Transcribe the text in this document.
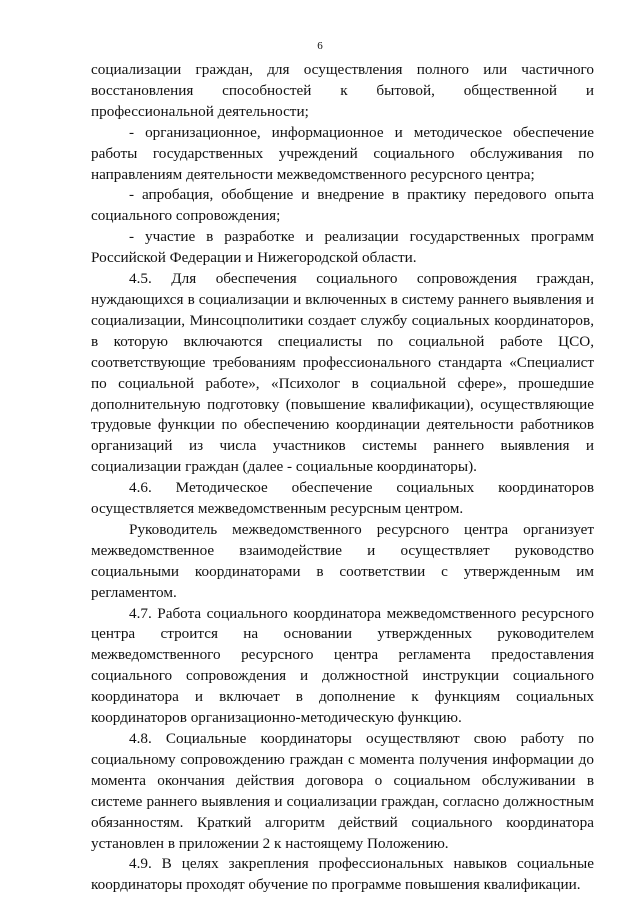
6

социализации граждан, для осуществления полного или частичного восстановления способностей к бытовой, общественной и профессиональной деятельности;

- организационное, информационное и методическое обеспечение работы государственных учреждений социального обслуживания по направлениям деятельности межведомственного ресурсного центра;

- апробация, обобщение и внедрение в практику передового опыта социального сопровождения;

- участие в разработке и реализации государственных программ Российской Федерации и Нижегородской области.

4.5. Для обеспечения социального сопровождения граждан, нуждающихся в социализации и включенных в систему раннего выявления и социализации, Минсоцполитики создает службу социальных координаторов, в которую включаются специалисты по социальной работе ЦСО, соответствующие требованиям профессионального стандарта «Специалист по социальной работе», «Психолог в социальной сфере», прошедшие дополнительную подготовку (повышение квалификации), осуществляющие трудовые функции по обеспечению координации деятельности работников организаций из числа участников системы раннего выявления и социализации граждан (далее - социальные координаторы).

4.6. Методическое обеспечение социальных координаторов осуществляется межведомственным ресурсным центром.

Руководитель межведомственного ресурсного центра организует межведомственное взаимодействие и осуществляет руководство социальными координаторами в соответствии с утвержденным им регламентом.

4.7. Работа социального координатора межведомственного ресурсного центра строится на основании утвержденных руководителем межведомственного ресурсного центра регламента предоставления социального сопровождения и должностной инструкции социального координатора и включает в дополнение к функциям социальных координаторов организационно-методическую функцию.

4.8. Социальные координаторы осуществляют свою работу по социальному сопровождению граждан с момента получения информации до момента окончания действия договора о социальном обслуживании в системе раннего выявления и социализации граждан, согласно должностным обязанностям. Краткий алгоритм действий социального координатора установлен в приложении 2 к настоящему Положению.

4.9. В целях закрепления профессиональных навыков социальные координаторы проходят обучение по программе повышения квалификации.
